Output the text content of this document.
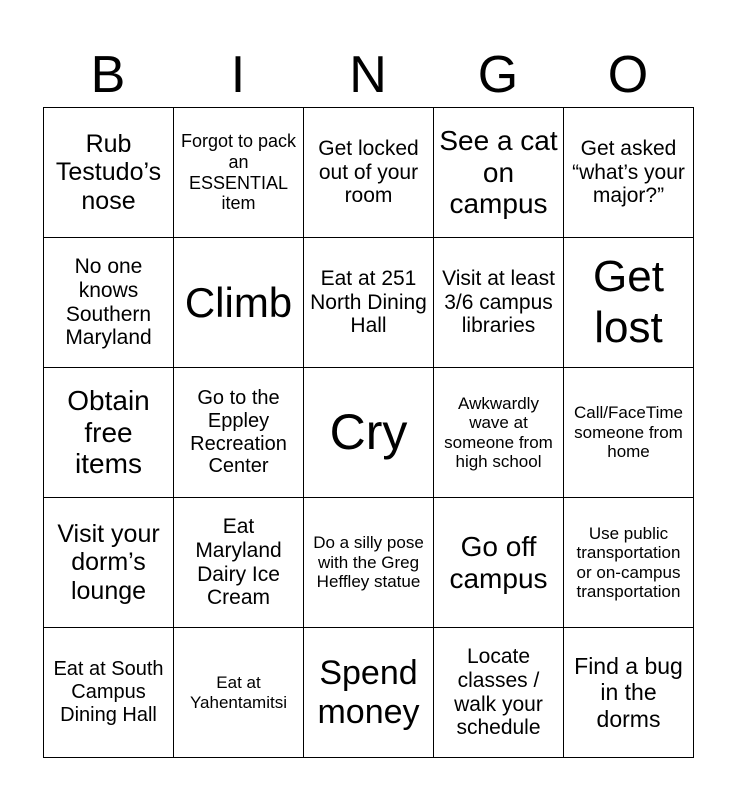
B	I	N	G	O
Rub Testudo’s nose	Forgot to pack an ESSENTIAL item	Get locked out of your room	See a cat on campus	Get asked “what’s your major?”
No one knows Southern Maryland	Climb	Eat at 251 North Dining Hall	Visit at least 3/6 campus libraries	Get lost
Obtain free items	Go to the Eppley Recreation Center	Cry	Awkwardly wave at someone from high school	Call/FaceTime someone from home
Visit your dorm’s lounge	Eat Maryland Dairy Ice Cream	Do a silly pose with the Greg Heffley statue	Go off campus	Use public transportation or on-campus transportation
Eat at South Campus Dining Hall	Eat at Yahentamitsi	Spend money	Locate classes / walk your schedule	Find a bug in the dorms
